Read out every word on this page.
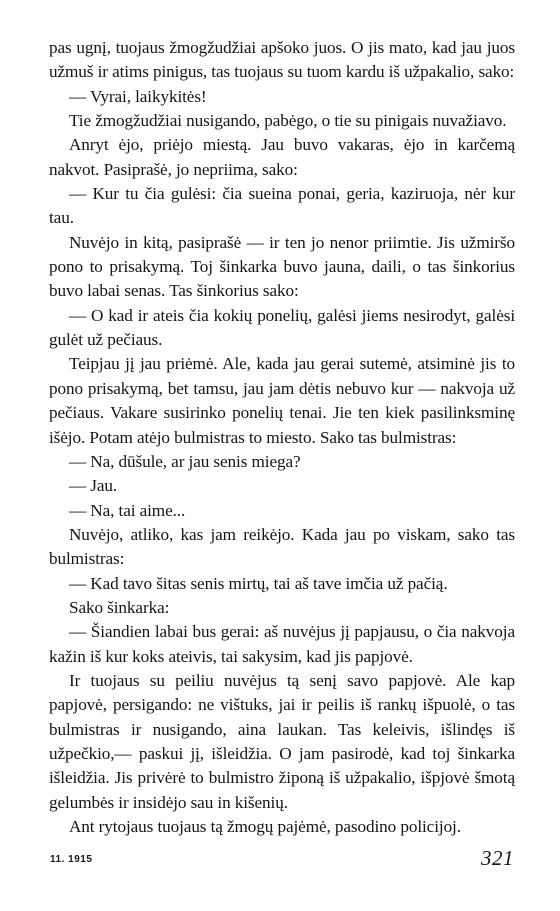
pas ugnį, tuojaus žmogžudžiai apšoko juos. O jis mato, kad jau juos užmuš ir atims pinigus, tas tuojaus su tuom kardu iš užpakalio, sako:

— Vyrai, laikykitės!

Tie žmogžudžiai nusigando, pabėgo, o tie su pinigais nuvažiavo.

Anryt ėjo, priėjo miestą. Jau buvo vakaras, ėjo in karčemą nakvot. Pasiprašė, jo nepriima, sako:

— Kur tu čia gulėsi: čia sueina ponai, geria, kaziruoja, nėr kur tau.

Nuvėjo in kitą, pasiprašė — ir ten jo nenor priimtie. Jis užmiršo pono to prisakymą. Toj šinkarka buvo jauna, daili, o tas šinkorius buvo labai senas. Tas šinkorius sako:

— O kad ir ateis čia kokių ponelių, galėsi jiems nesirodyt, galėsi gulėt už pečiaus.

Teipjau jį jau priėmė. Ale, kada jau gerai sutemė, atsiminė jis to pono prisakymą, bet tamsu, jau jam dėtis nebuvo kur — nakvoja už pečiaus. Vakare susirinko ponelių tenai. Jie ten kiek pasilinksminę išėjo. Potam atėjo bulmistras to miesto. Sako tas bulmistras:

— Na, dūšule, ar jau senis miega?

— Jau.

— Na, tai aime...

Nuvėjo, atliko, kas jam reikėjo. Kada jau po viskam, sako tas bulmistras:

— Kad tavo šitas senis mirtų, tai aš tave imčia už pačią.

Sako šinkarka:

— Šiandien labai bus gerai: aš nuvėjus jį papjausu, o čia nakvoja kažin iš kur koks ateivis, tai sakysim, kad jis papjovė.

Ir tuojaus su peiliu nuvėjus tą senį savo papjovė. Ale kap papjovė, persigando: ne vištuks, jai ir peilis iš rankų išpuolė, o tas bulmistras ir nusigando, aina laukan. Tas keleivis, išlindęs iš užpečkio,— paskui jį, išleidžia. O jam pasirodė, kad toj šinkarka išleidžia. Jis privėrė to bulmistro žiponą iš užpakalio, išpjovė šmotą gelumbės ir insidėjo sau in kišenių.

Ant rytojaus tuojaus tą žmogų pajėmė, pasodino policijoj.

11. 1915	321
